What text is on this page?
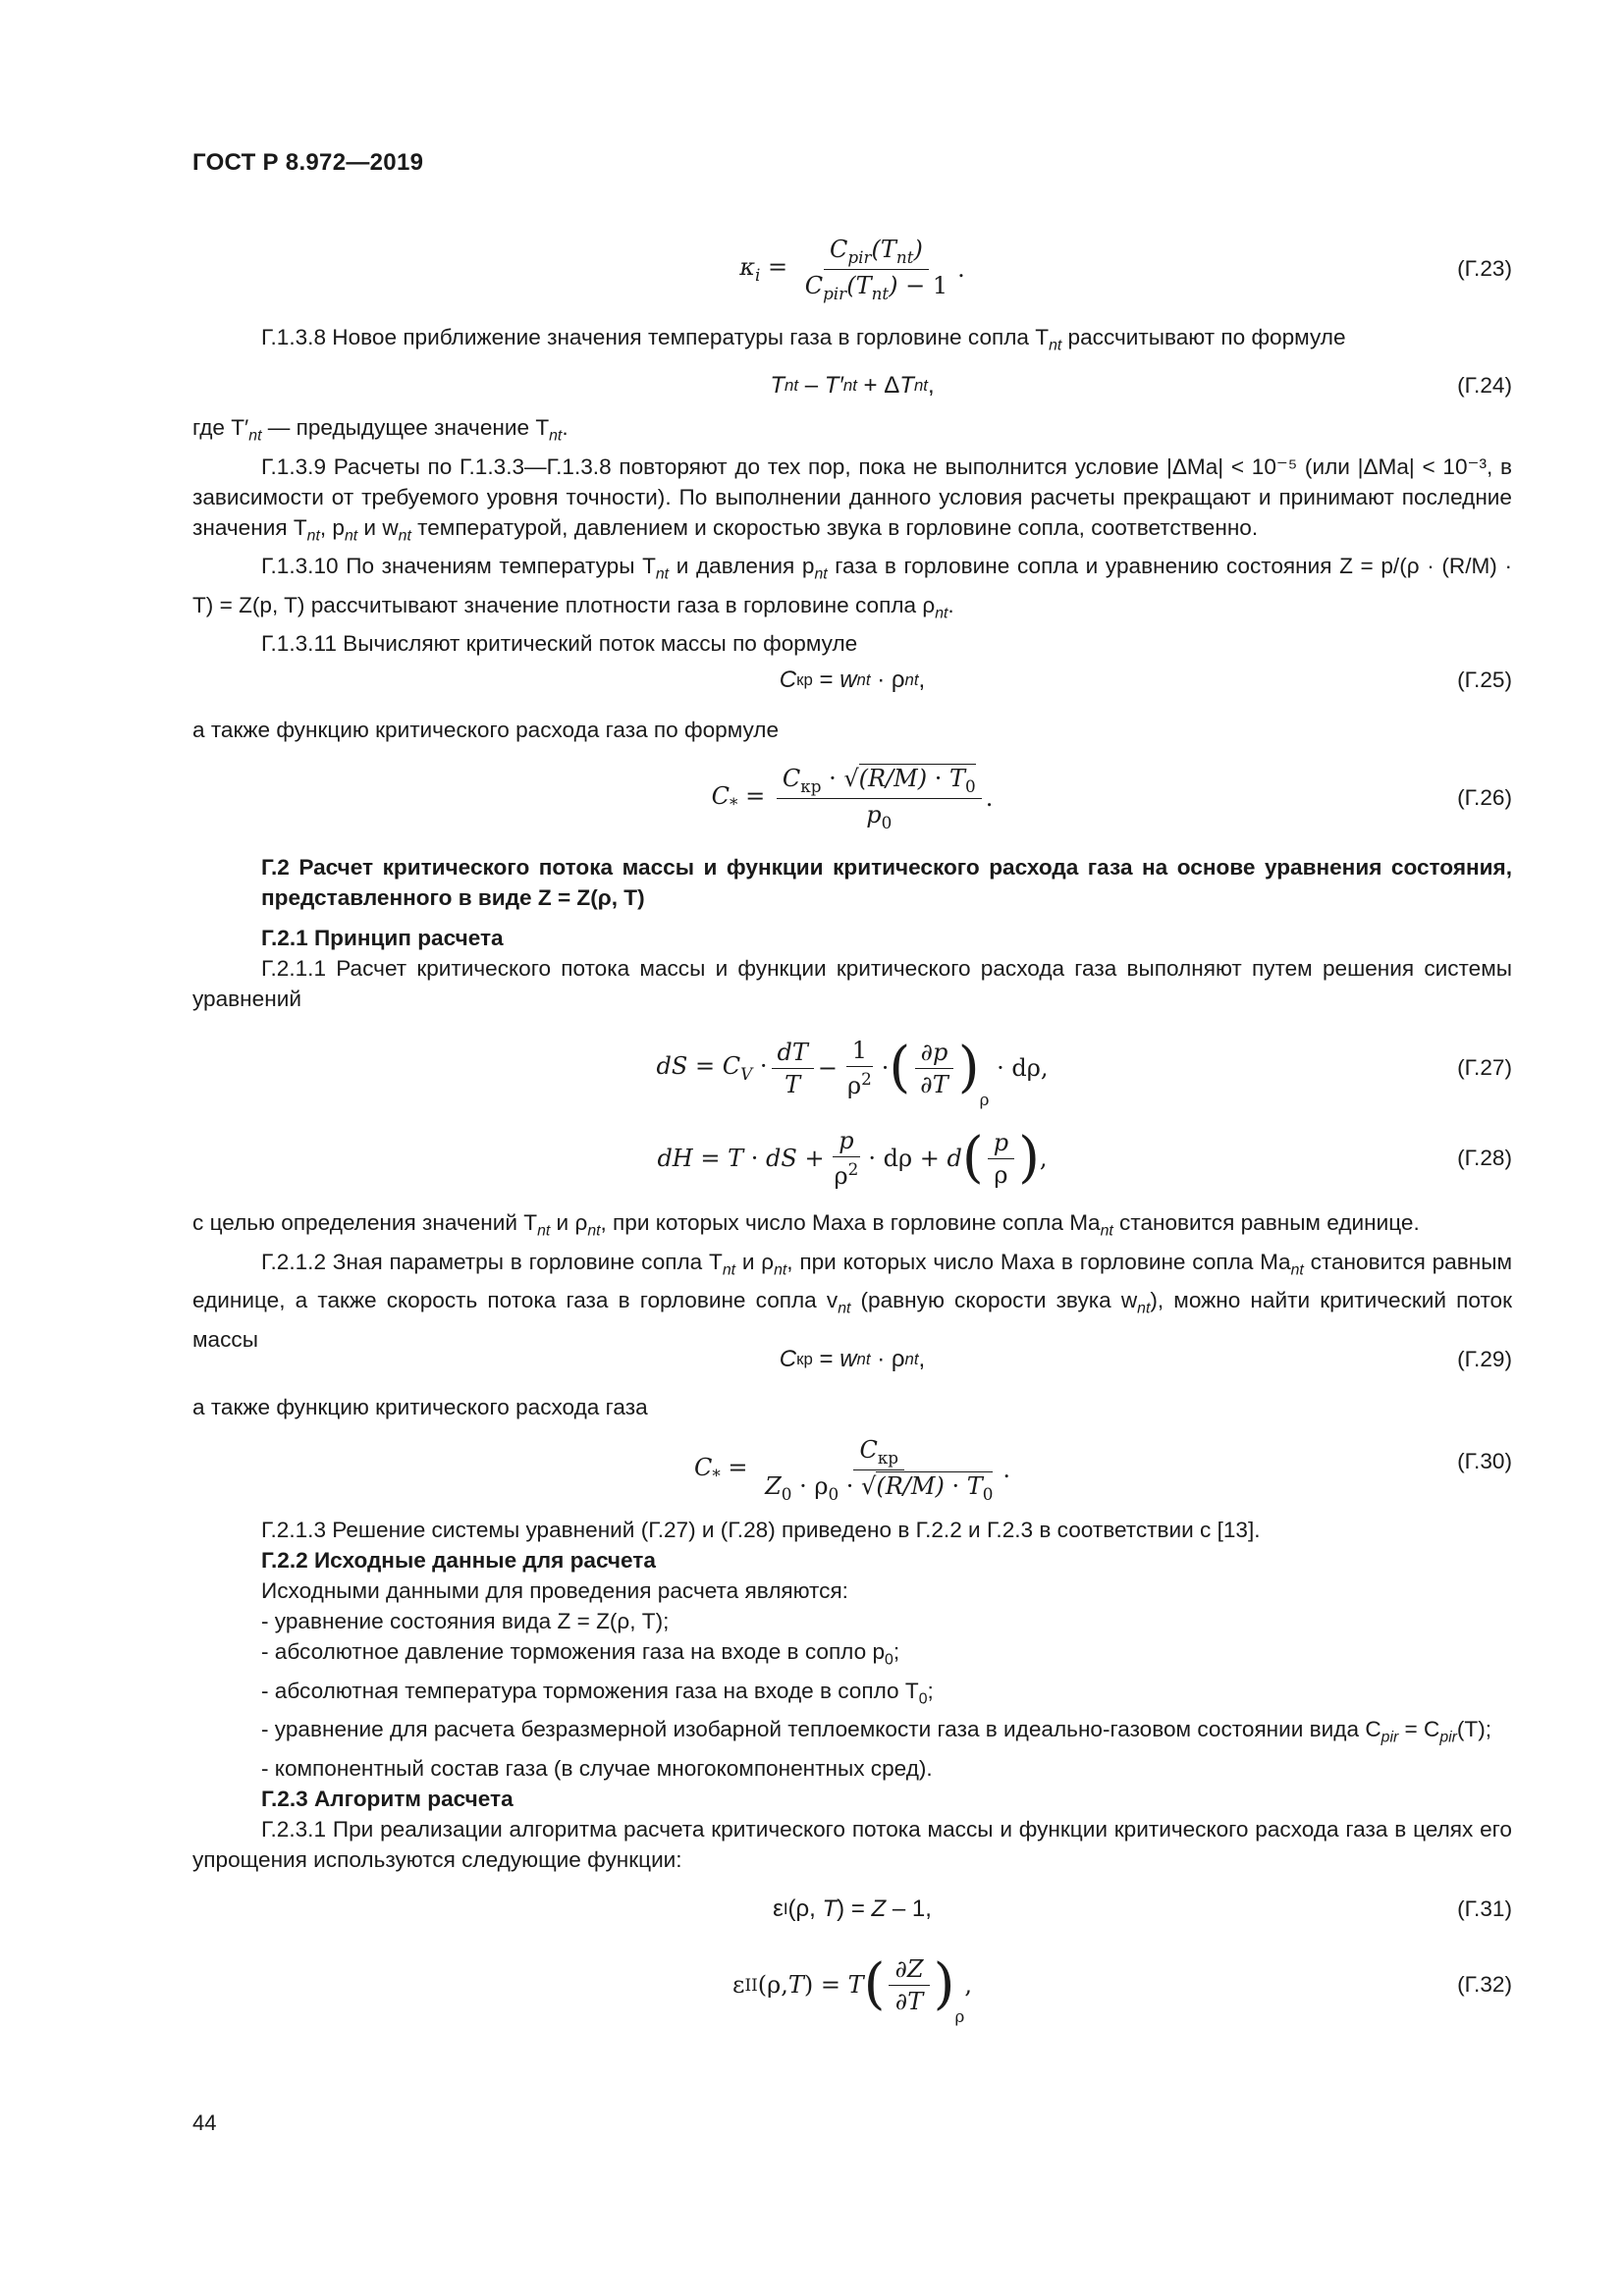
ГОСТ Р 8.972—2019
$\kappa_i = \frac{C_{pir}(T_{nt})}{C_{pir}(T_{nt}) - 1}$ .	(Г.23)

Г.1.3.8 Новое приближение значения температуры газа в горловине сопла $T_{nt}$ рассчитывают по формуле

T nt – T′ nt + Δ T nt ,	(Г.24)

где $T'_{nt}$ — предыдущее значение $T_{nt}$.

Г.1.3.9 Расчеты по Г.1.3.3—Г.1.3.8 повторяют до тех пор, пока не выполнится условие |ΔMa| < 10⁻⁵ (или |ΔMa| < 10⁻³, в зависимости от требуемого уровня точности). По выполнении данного условия расчеты прекращают и принимают последние значения $T_{nt}$, $p_{nt}$ и $w_{nt}$ температурой, давлением и скоростью звука в горловине сопла, соответственно.

Г.1.3.10 По значениям температуры $T_{nt}$ и давления $p_{nt}$ газа в горловине сопла и уравнению состояния Z = p/(ρ · (R/M) · T) = Z(p, T) рассчитывают значение плотности газа в горловине сопла $\rho_{nt}$.

Г.1.3.11 Вычисляют критический поток массы по формуле

C кр = w nt · ρ nt ,	(Г.25)

а также функцию критического расхода газа по формуле

$C_* = \frac{C_{кр} \cdot √(R/M) \cdot T_0}{p_0}$ .	(Г.26)

Г.2 Расчет критического потока массы и функции критического расхода газа на основе уравнения состояния, представленного в виде Z = Z(ρ, T)

Г.2.1 Принцип расчета

Г.2.1.1 Расчет критического потока массы и функции критического расхода газа выполняют путем решения системы уравнений

dS = $C_V \cdot \frac{dT}{T} - \frac{1}{\rho^2}$ · ( $\frac{\partial p}{\partial T} )_\rho$
· d ρ,	(Г.27)
dH = T · dS + $\frac{p}{\rho^2} \cdot d$ ρ + d ( $\frac{p}{\rho}$ ) ,	(Г.28)

с целью определения значений $T_{nt}$ и $\rho_{nt}$, при которых число Маха в горловине сопла $Ma_{nt}$ становится равным единице.

Г.2.1.2 Зная параметры в горловине сопла $T_{nt}$ и $\rho_{nt}$, при которых число Маха в горловине сопла $Ma_{nt}$ становится равным единице, а также скорость потока газа в горловине сопла $v_{nt}$ (равную скорости звука $w_{nt}$), можно найти критический поток массы

C кр = w nt · ρ nt ,	(Г.29)

а также функцию критического расхода газа

$C_* = \frac{C_{кр}}{Z_0 \cdot \rho_0 \cdot √(R/M) \cdot T_0}$ .	(Г.30)

Г.2.1.3 Решение системы уравнений (Г.27) и (Г.28) приведено в Г.2.2 и Г.2.3 в соответствии с [13].

Г.2.2 Исходные данные для расчета

Исходными данными для проведения расчета являются:

- уравнение состояния вида Z = Z(ρ, T);

- абсолютное давление торможения газа на входе в сопло $p_0$;

- абсолютная температура торможения газа на входе в сопло $T_0$;

- уравнение для расчета безразмерной изобарной теплоемкости газа в идеально-газовом состоянии вида $C_{pir} = C_{pir}(T)$;

- компонентный состав газа (в случае многокомпонентных сред).

Г.2.3 Алгоритм расчета

Г.2.3.1 При реализации алгоритма расчета критического потока массы и функции критического расхода газа в целях его упрощения используются следующие функции:

ε I (ρ, T ) = Z – 1,	(Г.31)
ε II (ρ, T ) = T ( $\frac{\partial Z}{\partial T} )_\rho$
,	(Г.32)
44
